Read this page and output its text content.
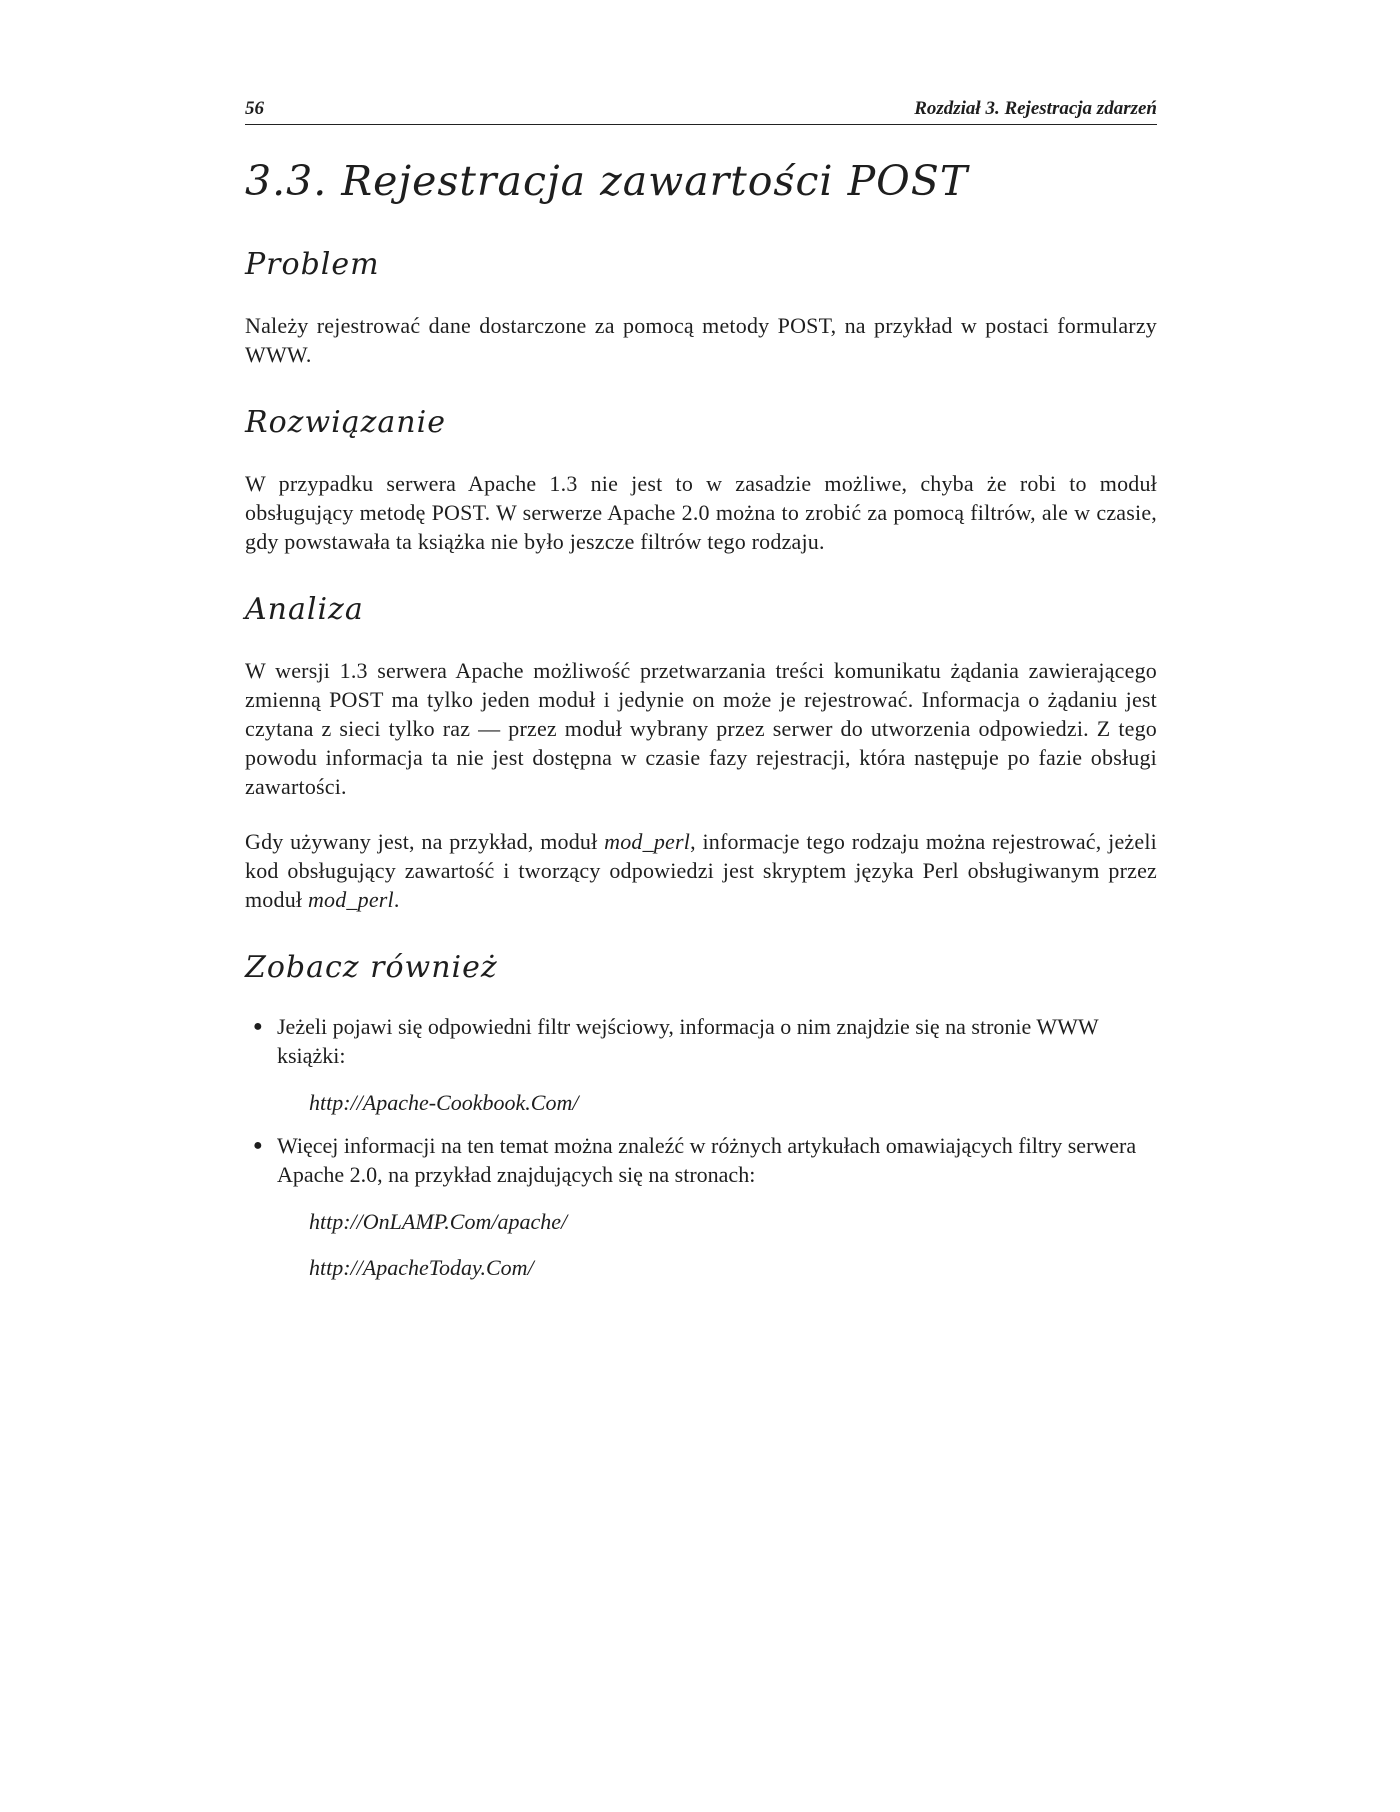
56	Rozdział 3. Rejestracja zdarzeń
3.3. Rejestracja zawartości POST
Problem

Należy rejestrować dane dostarczone za pomocą metody POST, na przykład w postaci formularzy WWW.

Rozwiązanie

W przypadku serwera Apache 1.3 nie jest to w zasadzie możliwe, chyba że robi to moduł obsługujący metodę POST. W serwerze Apache 2.0 można to zrobić za pomocą filtrów, ale w czasie, gdy powstawała ta książka nie było jeszcze filtrów tego rodzaju.

Analiza

W wersji 1.3 serwera Apache możliwość przetwarzania treści komunikatu żądania zawierającego zmienną POST ma tylko jeden moduł i jedynie on może je rejestrować. Informacja o żądaniu jest czytana z sieci tylko raz — przez moduł wybrany przez serwer do utworzenia odpowiedzi. Z tego powodu informacja ta nie jest dostępna w czasie fazy rejestracji, która następuje po fazie obsługi zawartości.

Gdy używany jest, na przykład, moduł mod_perl, informacje tego rodzaju można rejestrować, jeżeli kod obsługujący zawartość i tworzący odpowiedzi jest skryptem języka Perl obsługiwanym przez moduł mod_perl.

Zobacz również
● Jeżeli pojawi się odpowiedni filtr wejściowy, informacja o nim znajdzie się na stronie WWW książki:
http://Apache-Cookbook.Com/
● Więcej informacji na ten temat można znaleźć w różnych artykułach omawiających filtry serwera Apache 2.0, na przykład znajdujących się na stronach:
http://OnLAMP.Com/apache/
http://ApacheToday.Com/
